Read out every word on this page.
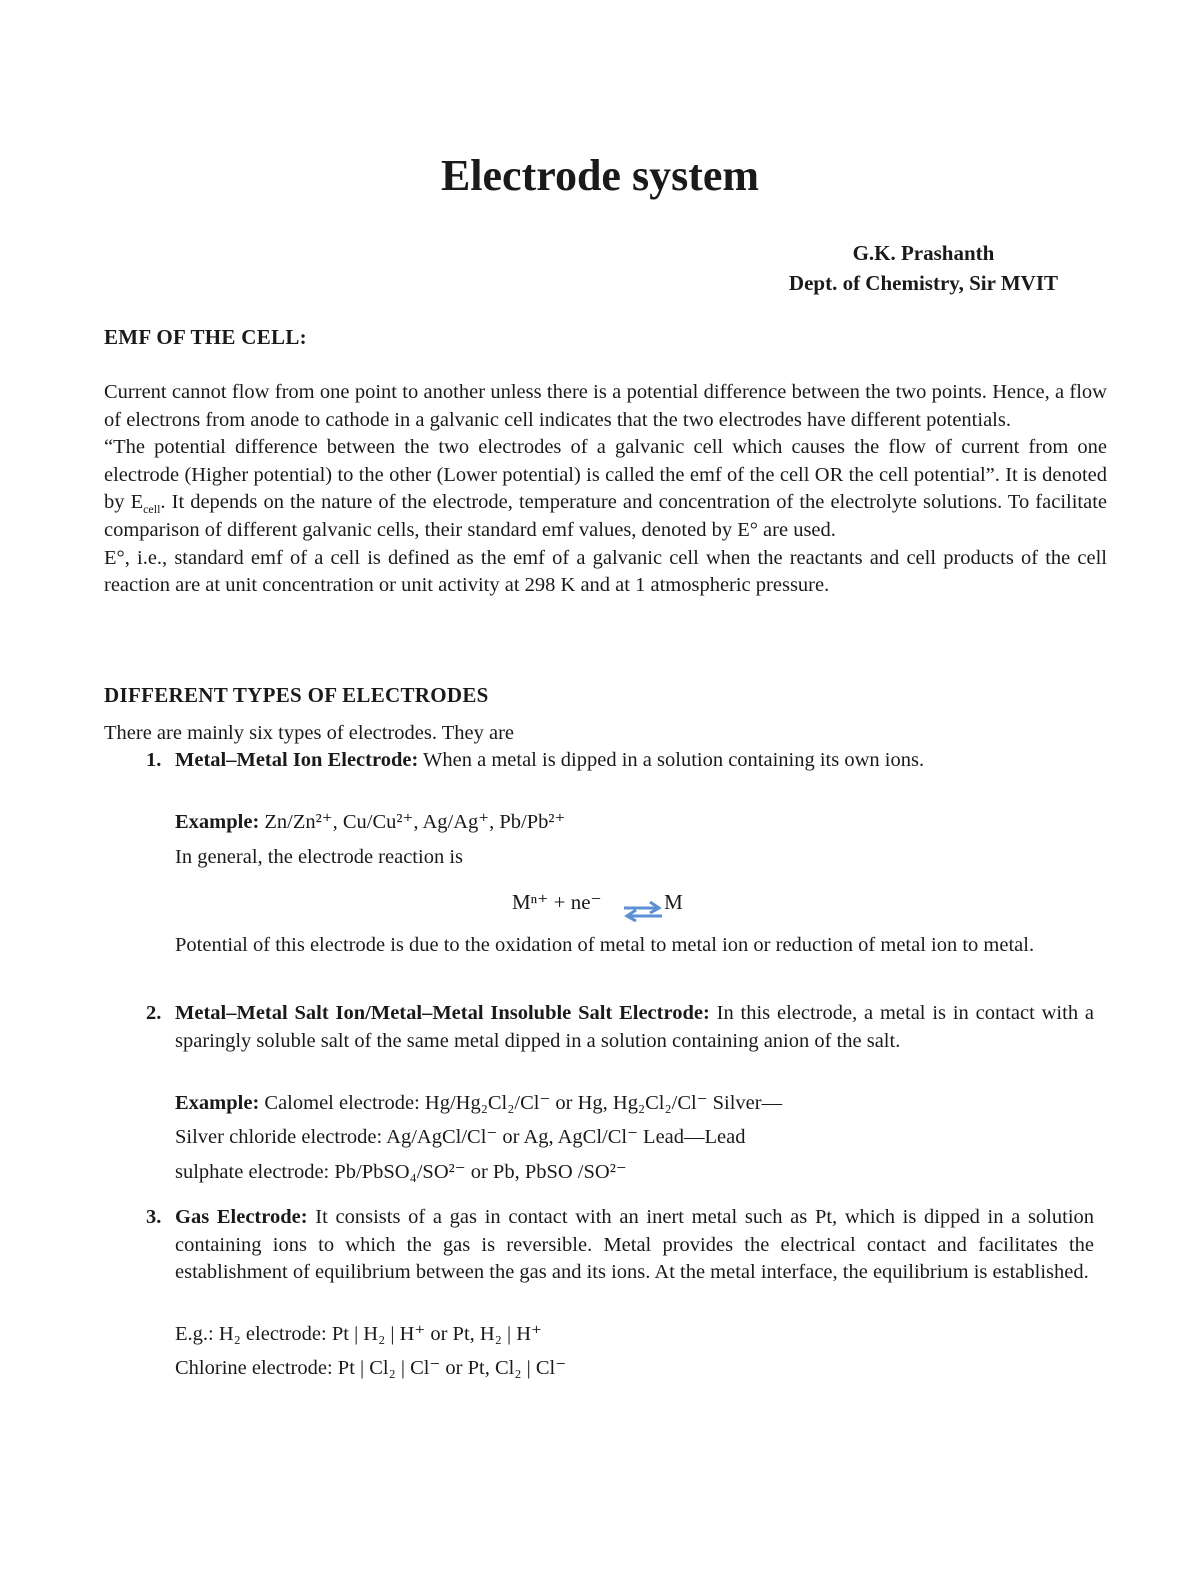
Electrode system
G.K. Prashanth
Dept. of Chemistry, Sir MVIT
EMF OF THE CELL:

Current cannot flow from one point to another unless there is a potential difference between the two points. Hence, a flow of electrons from anode to cathode in a galvanic cell indicates that the two electrodes have different potentials.

“The potential difference between the two electrodes of a galvanic cell which causes the flow of current from one electrode (Higher potential) to the other (Lower potential) is called the emf of the cell OR the cell potential”. It is denoted by $E_{cell}$. It depends on the nature of the electrode, temperature and concentration of the electrolyte solutions. To facilitate comparison of different galvanic cells, their standard emf values, denoted by E° are used.

E°, i.e., standard emf of a cell is defined as the emf of a galvanic cell when the reactants and cell products of the cell reaction are at unit concentration or unit activity at 298 K and at 1 atmospheric pressure.

DIFFERENT TYPES OF ELECTRODES
There are mainly six types of electrodes. They are
1. Metal–Metal Ion Electrode: When a metal is dipped in a solution containing its own ions.
Example: Zn/Zn²⁺, Cu/Cu²⁺, Ag/Ag⁺, Pb/Pb²⁺
In general, the electrode reaction is
Mⁿ⁺ + ne⁻	M
Potential of this electrode is due to the oxidation of metal to metal ion or reduction of metal ion to metal.
2. Metal–Metal Salt Ion/Metal–Metal Insoluble Salt Electrode: In this electrode, a metal is in contact with a sparingly soluble salt of the same metal dipped in a solution containing anion of the salt.
Example: Calomel electrode: Hg/Hg₂Cl₂/Cl⁻ or Hg, Hg₂Cl₂/Cl⁻ Silver—
Silver chloride electrode: Ag/AgCl/Cl⁻ or Ag, AgCl/Cl⁻ Lead—Lead
sulphate electrode: Pb/PbSO₄/SO²⁻ or Pb, PbSO /SO²⁻
3. Gas Electrode: It consists of a gas in contact with an inert metal such as Pt, which is dipped in a solution containing ions to which the gas is reversible. Metal provides the electrical contact and facilitates the establishment of equilibrium between the gas and its ions. At the metal interface, the equilibrium is established.
E.g.: H₂ electrode: Pt | H₂ | H⁺ or Pt, H₂ | H⁺
Chlorine electrode: Pt | Cl₂ | Cl⁻ or Pt, Cl₂ | Cl⁻
